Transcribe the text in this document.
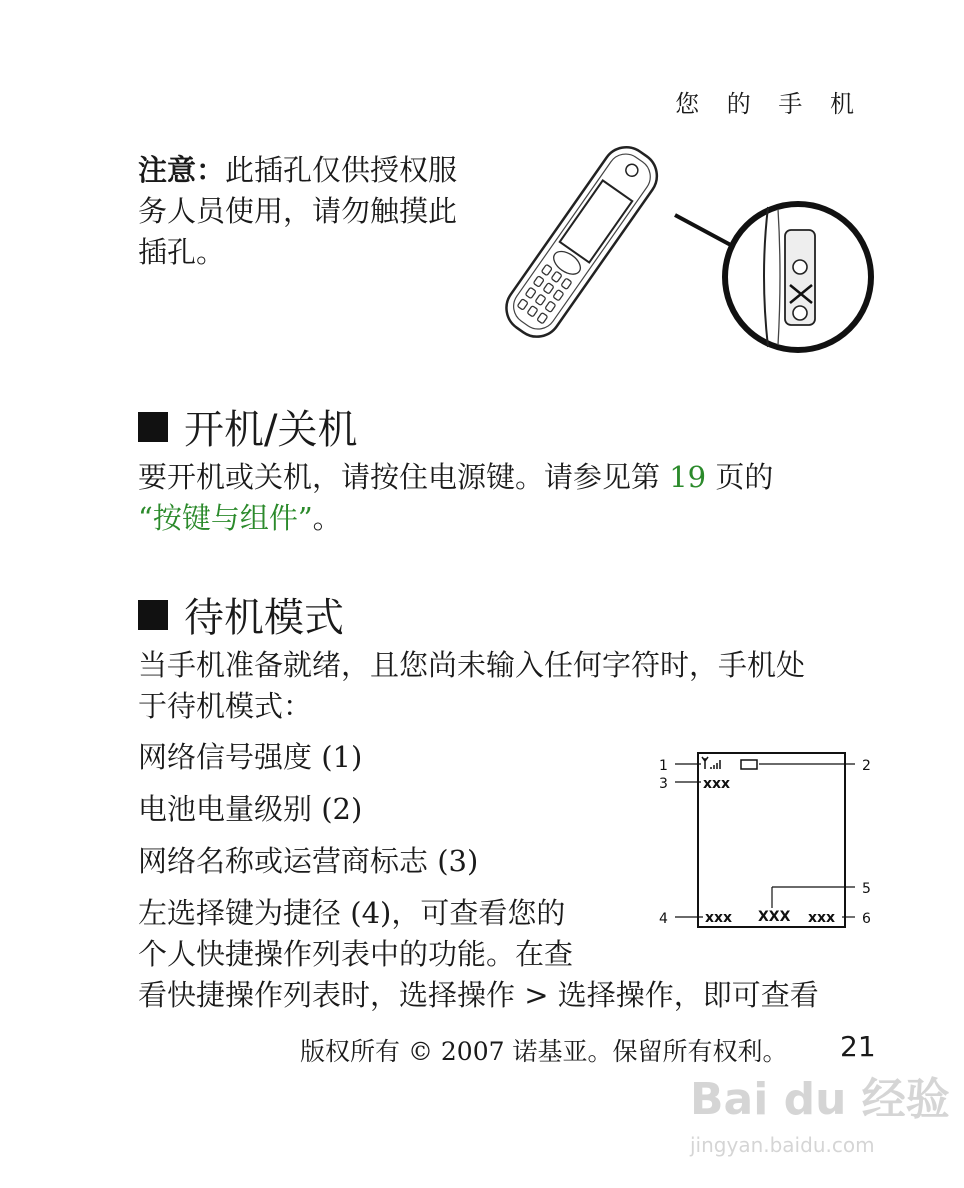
您 的 手 机
注意：此插孔仅供授权服
务人员使用，请勿触摸此
插孔。
开机/关机
要开机或关机，请按住电源键。请参见第 19 页的
“按键与组件”。
待机模式
当手机准备就绪，且您尚未输入任何字符时，手机处
于待机模式：
网络信号强度 (1)
电池电量级别 (2)
网络名称或运营商标志 (3)
左选择键为捷径 (4)，可查看您的
个人快捷操作列表中的功能。在查
看快捷操作列表时，选择操作 > 选择操作，即可查看
1	2
3
4
5
6
xxx
xxx XXX xxx
版权所有 © 2007 诺基亚。保留所有权利。 21
Bai du 经验
jingyan.baidu.com
